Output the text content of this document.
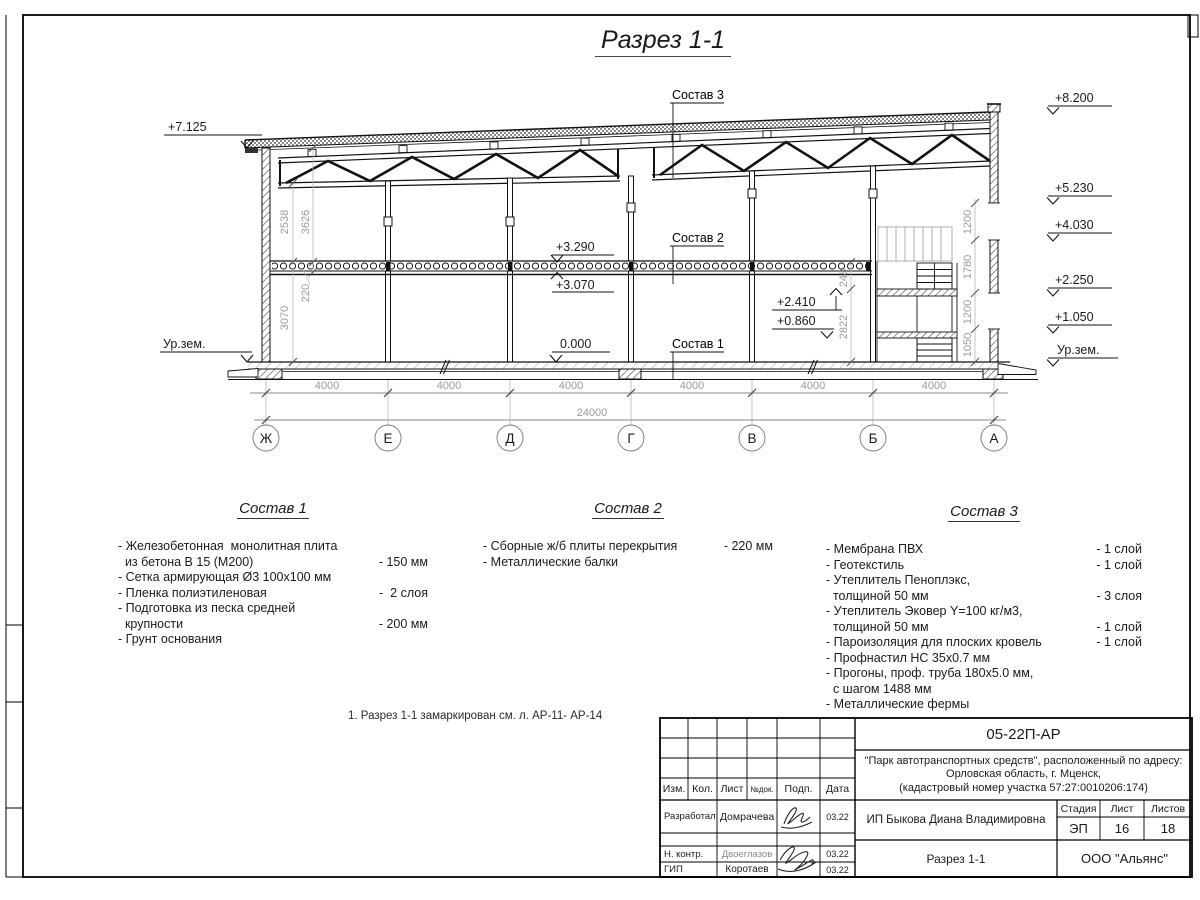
Состав 3
Состав 2
Состав 1
+7.125
Ур.зем.
+3.290
+3.070
0.000
+2.410
+0.860
+8.200
+5.230
+4.030
+2.250
+1.050
Ур.зем.
2538 3626
220
3070
248
2822
1200
1780
1200
1050
4000	4000	4000	4000	4000	4000
24000
Ж	Е	Д	Г	В	Б	А
Разрез 1-1
Состав 1
- Железобетонная  монолитная плита
из бетона В 15 (М200)	- 150 мм
- Сетка армирующая Ø3 100х100 мм
- Пленка полиэтиленовая	-  2 слоя
- Подготовка из песка средней
крупности	- 200 мм
- Грунт основания
Состав 2
- Сборные ж/б плиты перекрытия	- 220 мм
- Металлические балки
Состав 3
- Мембрана ПВХ	- 1 слой
- Геотекстиль	- 1 слой
- Утеплитель Пеноплэкс,
толщиной 50 мм	- 3 слоя
- Утеплитель Эковер Y=100 кг/м3,
толщиной 50 мм	- 1 слой
- Пароизоляция для плоских кровель	- 1 слой
- Профнастил НС 35х0.7 мм
- Прогоны, проф. труба 180х5.0 мм,
с шагом 1488 мм
- Металлические фермы
1. Разрез 1-1 замаркирован см. л. АР-11- АР-14
05-22П-АР
"Парк автотранспортных средств", расположенный по адресу:
Орловская область, г. Мценск,
(кадастровый номер участка 57:27:0010206:174)
Изм. Кол. Лист №док.	Подп.	Дата
Разработал Домрачева	03.22
Н. контр.	Двоеглазов	03.22
ГИП	Коротаев	03.22
ИП Быкова Диана Владимировна
Стадия	Лист	Листов
ЭП	16	18
Разрез 1-1	ООО "Альянс"
